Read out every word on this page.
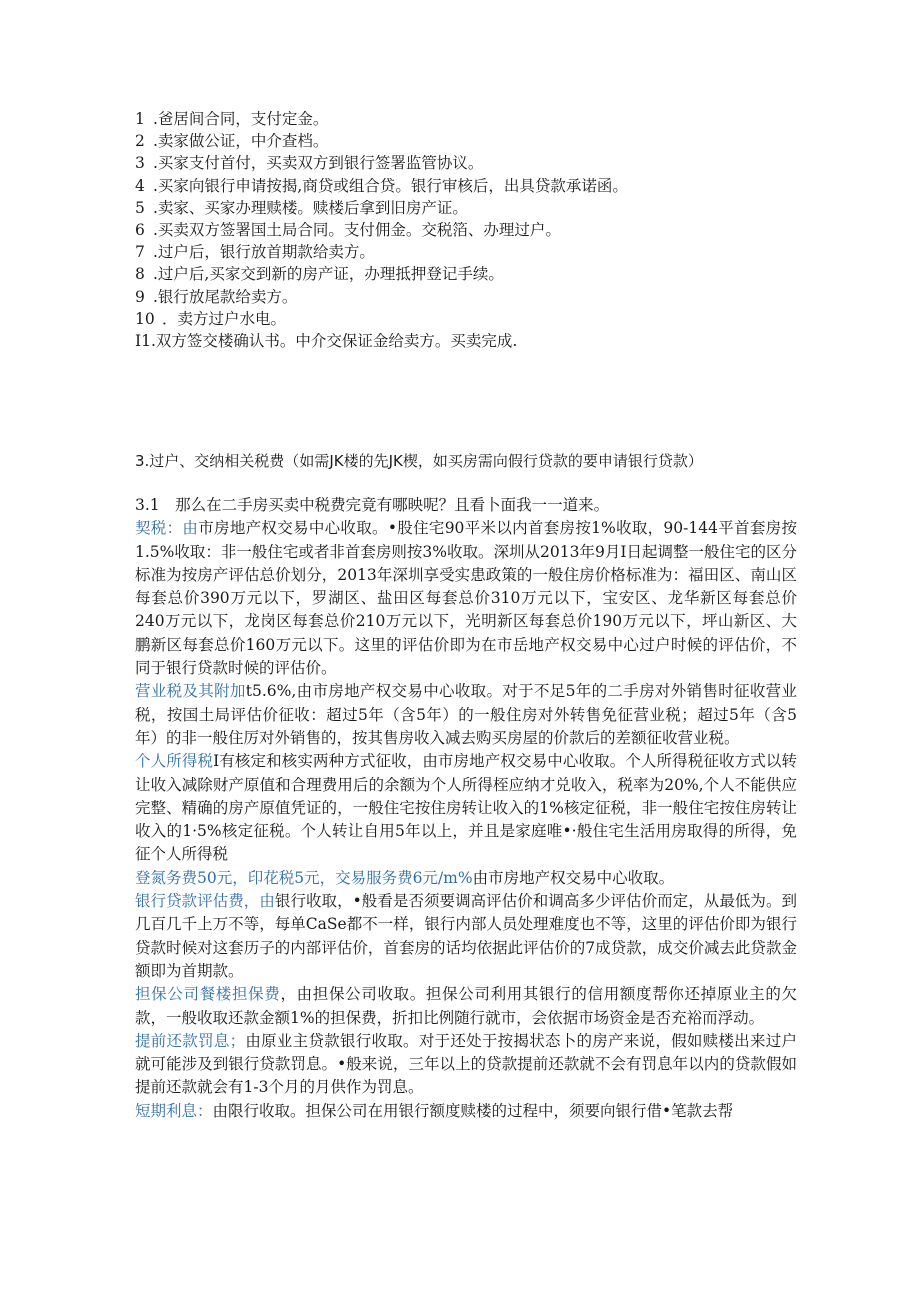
1 .爸居间合同，支付定金。
2 .卖家做公证，中介查档。
3 .买家支付首付，买卖双方到银行签署监管协议。
4 .买家向银行申请按揭,商贷或组合贷。银行审核后，出具贷款承诺函。
5 .卖家、买家办理赎楼。赎楼后拿到旧房产证。
6 .买卖双方签署国土局合同。支付佣金。交税箔、办理过户。
7 .过户后，银行放首期款给卖方。
8 .过户后,买家交到新的房产证，办理抵押登记手续。
9 .银行放尾款给卖方。
10 ．卖方过户水电。
I1. 双方签交楼确认书。中介交保证金给卖方。买卖完成.
3.过户、交纳相关税费（如需JK楼的先JK楔，如买房需向假行贷款的要申请银行贷款）

3.1　那么在二手房买卖中税费完竟有哪映呢？且看卜面我一一道来。

契税：由市房地产权交易中心收取。•股住宅90平米以内首套房按1%收取，90-144平首套房按1.5%收取：非一般住宅或者非首套房则按3%收取。深圳从2013年9月I日起调整一般住宅的区分标准为按房产评估总价划分，2013年深圳享受实患政策的一般住房价格标准为：福田区、南山区每套总价390万元以下，罗湖区、盐田区每套总价310万元以下，宝安区、龙华新区每套总价240万元以下，龙岗区每套总价210万元以下，光明新区每套总价190万元以下，坪山新区、大鹏新区每套总价160万元以下。这里的评估价即为在市岳地产权交易中心过户时候的评估价，不同于银行贷款时候的评估价。

营业税及其附加t5.6%,由市房地产权交易中心收取。对于不足5年的二手房对外销售时征收营业税，按国土局评估价征收：超过5年（含5年）的一般住房对外转售免征营业税；超过5年（含5年）的非一般住厉对外销售的，按其售房收入减去购买房屋的价款后的差额征收营业税。

个人所得税I有核定和核实两种方式征收，由市房地产权交易中心收取。个人所得税征收方式以转让收入减除财产原值和合理费用后的余额为个人所得桎应纳才兑收入，税率为20%,个人不能供应完整、精确的房产原值凭证的，一般住宅按住房转让收入的1%核定征税，非一般住宅按住房转让收入的1·5%核定征税。个人转让自用5年以上，并且是家庭唯•·般住宅生活用房取得的所得，免征个人所得税

登氮务费50元，印花税5元，交易服务费6元/m%由市房地产权交易中心收取。

银行贷款评估费，由银行收取，•般看是否须要调高评估价和调高多少评估价而定，从最低为。到几百几千上万不等，每单CaSe都不一样，银行内部人员处理难度也不等，这里的评估价即为银行贷款时候对这套历子的内部评估价，首套房的话均依据此评估价的7成贷款，成交价减去此贷款金额即为首期款。

担保公司餐楼担保费，由担保公司收取。担保公司利用其银行的信用额度帮你还掉原业主的欠款，一般收取还款金额1%的担保费，折扣比例随行就市，会依据市场资金是否充裕而浮动。

提前还款罚息；由原业主贷款银行收取。对于还处于按揭状态卜的房产来说，假如赎楼出来过户就可能涉及到银行贷款罚息。•般来说，三年以上的贷款提前还款就不会有罚息年以内的贷款假如提前还款就会有1-3个月的月供作为罚息。

短期利息：由限行收取。担保公司在用银行额度赎楼的过程中，须要向银行借•笔款去帮
